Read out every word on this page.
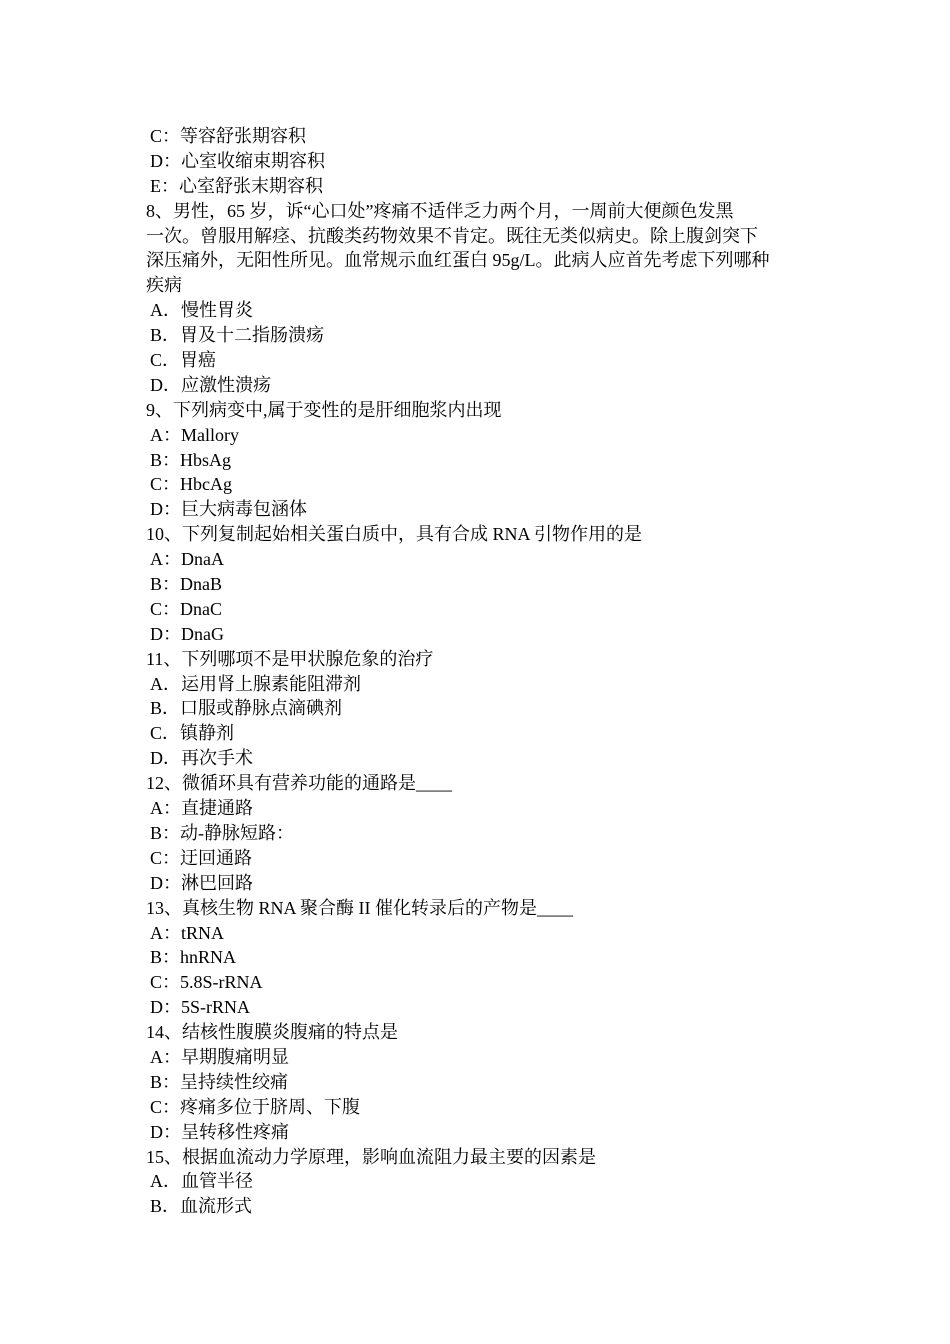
C：等容舒张期容积
D：心室收缩束期容积
E：心室舒张末期容积
8、男性，65 岁，诉“心口处”疼痛不适伴乏力两个月，一周前大便颜色发黑
一次。曾服用解痉、抗酸类药物效果不肯定。既往无类似病史。除上腹剑突下
深压痛外，无阳性所见。血常规示血红蛋白 95g/L。此病人应首先考虑下列哪种
疾病
A．慢性胃炎
B．胃及十二指肠溃疡
C．胃癌
D．应激性溃疡
9、下列病变中,属于变性的是肝细胞浆内出现
A：Mallory
B：HbsAg
C：HbcAg
D：巨大病毒包涵体
10、下列复制起始相关蛋白质中，具有合成 RNA 引物作用的是
A：DnaA
B：DnaB
C：DnaC
D：DnaG
11、下列哪项不是甲状腺危象的治疗
A．运用肾上腺素能阻滞剂
B．口服或静脉点滴碘剂
C．镇静剂
D．再次手术
12、微循环具有营养功能的通路是____
A：直捷通路
B：动-静脉短路：
C：迂回通路
D：淋巴回路
13、真核生物 RNA 聚合酶 II 催化转录后的产物是____
A：tRNA
B：hnRNA
C：5.8S-rRNA
D：5S-rRNA
14、结核性腹膜炎腹痛的特点是
A：早期腹痛明显
B：呈持续性绞痛
C：疼痛多位于脐周、下腹
D：呈转移性疼痛
15、根据血流动力学原理，影响血流阻力最主要的因素是
A．血管半径
B．血流形式
